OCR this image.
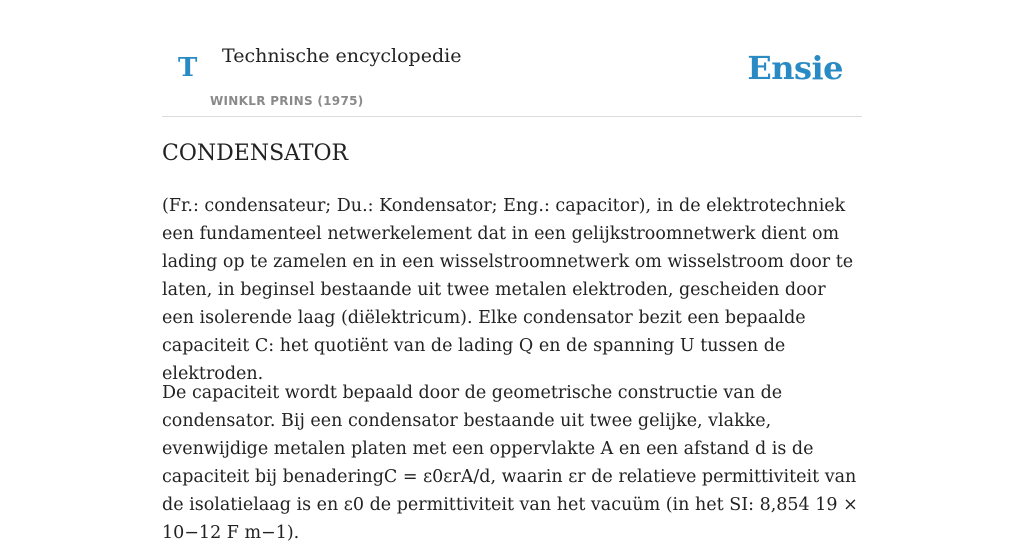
T Technische encyclopedie
WINKLR PRINS (1975)
Ensie
CONDENSATOR

(Fr.: condensateur; Du.: Kondensator; Eng.: capacitor), in de elektrotechniek een fundamenteel netwerkelement dat in een gelijkstroomnetwerk dient om lading op te zamelen en in een wisselstroomnetwerk om wisselstroom door te laten, in beginsel bestaande uit twee metalen elektroden, gescheiden door een isolerende laag (diëlektricum). Elke condensator bezit een bepaalde capaciteit C: het quotiënt van de lading Q en de spanning U tussen de elektroden.

De capaciteit wordt bepaald door de geometrische constructie van de condensator. Bij een condensator bestaande uit twee gelijke, vlakke, evenwijdige metalen platen met een oppervlakte A en een afstand d is de capaciteit bij benaderingC = ε0εrA/d, waarin εr de relatieve permittiviteit van de isolatielaag is en ε0 de permittiviteit van het vacuüm (in het SI: 8,854 19 × 10−12 F m−1).
